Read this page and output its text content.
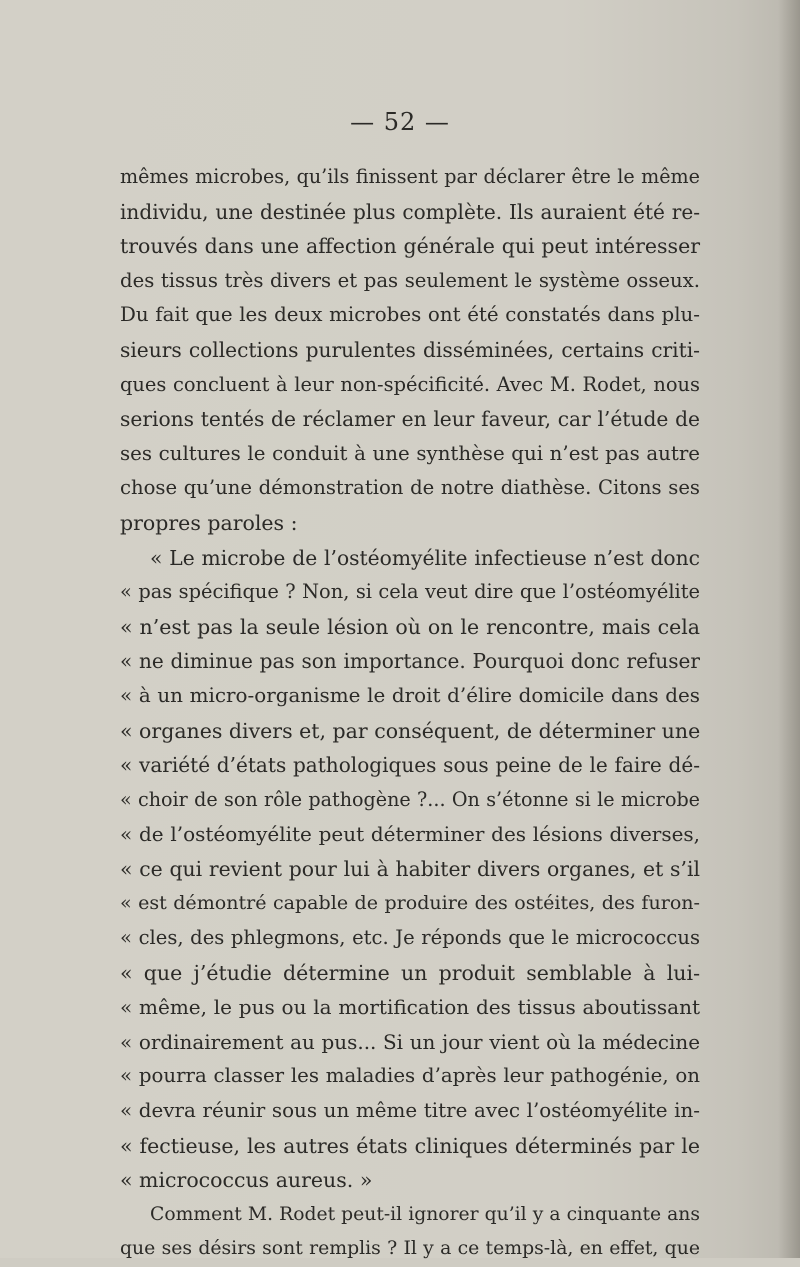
— 52 —
mêmes microbes, qu’ils finissent par déclarer être le même
individu, une destinée plus complète. Ils auraient été re-
trouvés dans une affection générale qui peut intéresser
des tissus très divers et pas seulement le système osseux.
Du fait que les deux microbes ont été constatés dans plu-
sieurs collections purulentes disséminées, certains criti-
ques concluent à leur non-spécificité. Avec M. Rodet, nous
serions tentés de réclamer en leur faveur, car l’étude de
ses cultures le conduit à une synthèse qui n’est pas autre
chose qu’une démonstration de notre diathèse. Citons ses
propres paroles :
« Le microbe de l’ostéomyélite infectieuse n’est donc
« pas spécifique ? Non, si cela veut dire que l’ostéomyélite
« n’est pas la seule lésion où on le rencontre, mais cela
« ne diminue pas son importance. Pourquoi donc refuser
« à un micro-organisme le droit d’élire domicile dans des
« organes divers et, par conséquent, de déterminer une
« variété d’états pathologiques sous peine de le faire dé-
« choir de son rôle pathogène ?... On s’étonne si le microbe
« de l’ostéomyélite peut déterminer des lésions diverses,
« ce qui revient pour lui à habiter divers organes, et s’il
« est démontré capable de produire des ostéites, des furon-
« cles, des phlegmons, etc. Je réponds que le micrococcus
« que j’étudie détermine un produit semblable à lui-
« même, le pus ou la mortification des tissus aboutissant
« ordinairement au pus... Si un jour vient où la médecine
« pourra classer les maladies d’après leur pathogénie, on
« devra réunir sous un même titre avec l’ostéomyélite in-
« fectieuse, les autres états cliniques déterminés par le
« micrococcus aureus. »
Comment M. Rodet peut-il ignorer qu’il y a cinquante ans
que ses désirs sont remplis ? Il y a ce temps-là, en effet, que
